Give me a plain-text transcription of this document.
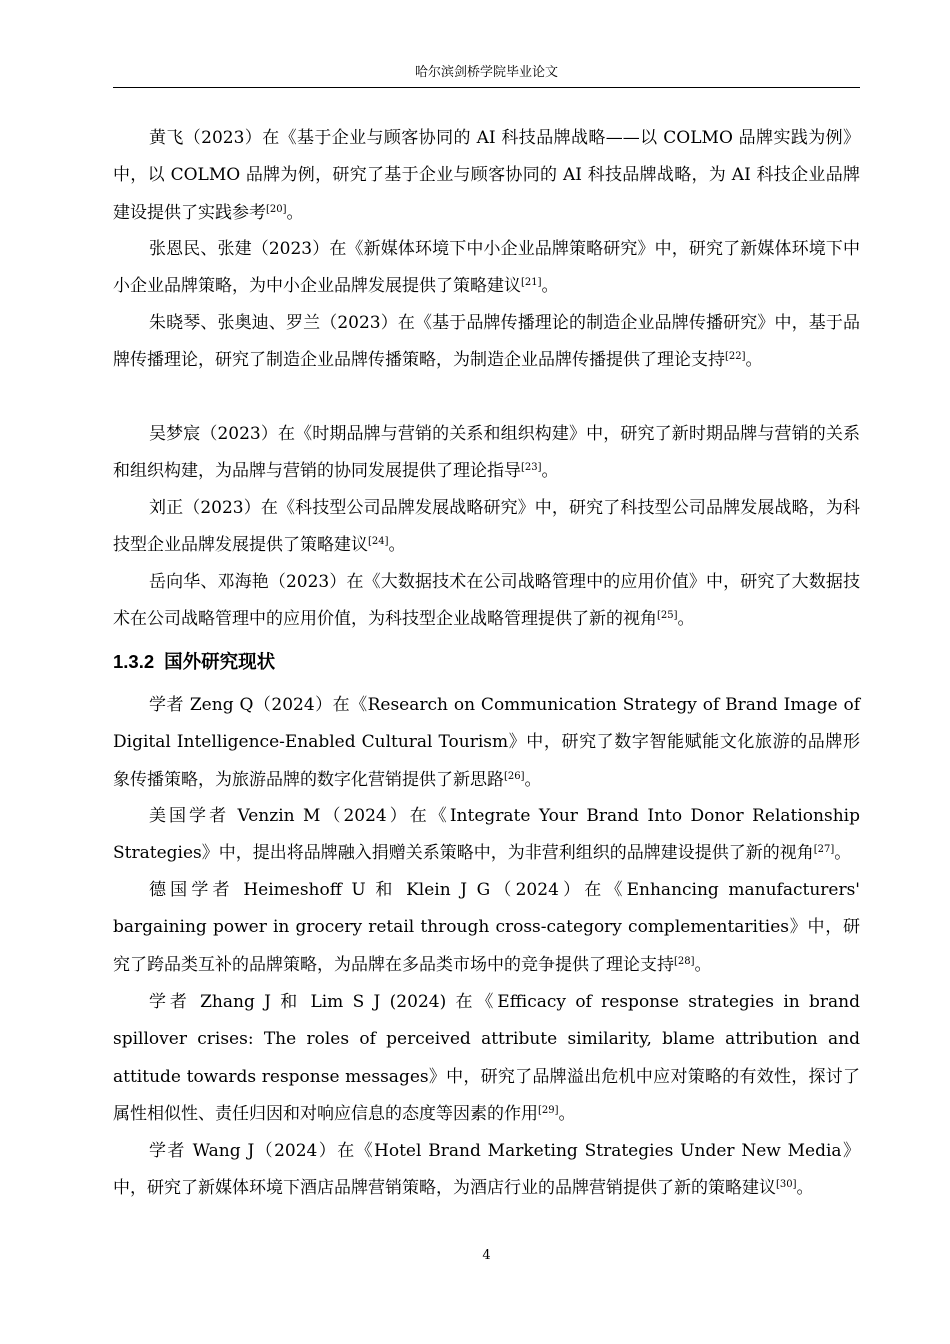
哈尔滨剑桥学院毕业论文

黄飞（2023）在《基于企业与顾客协同的 AI 科技品牌战略——以 COLMO 品牌实践为例》中，以 COLMO 品牌为例，研究了基于企业与顾客协同的 AI 科技品牌战略，为 AI 科技企业品牌建设提供了实践参考[20]。

张恩民、张建（2023）在《新媒体环境下中小企业品牌策略研究》中，研究了新媒体环境下中小企业品牌策略，为中小企业品牌发展提供了策略建议[21]。

朱晓琴、张奥迪、罗兰（2023）在《基于品牌传播理论的制造企业品牌传播研究》中，基于品牌传播理论，研究了制造企业品牌传播策略，为制造企业品牌传播提供了理论支持[22]。

吴梦宸（2023）在《时期品牌与营销的关系和组织构建》中，研究了新时期品牌与营销的关系和组织构建，为品牌与营销的协同发展提供了理论指导[23]。

刘正（2023）在《科技型公司品牌发展战略研究》中，研究了科技型公司品牌发展战略，为科技型企业品牌发展提供了策略建议[24]。

岳向华、邓海艳（2023）在《大数据技术在公司战略管理中的应用价值》中，研究了大数据技术在公司战略管理中的应用价值，为科技型企业战略管理提供了新的视角[25]。

1.3.2 国外研究现状

学者 Zeng Q（2024）在《Research on Communication Strategy of Brand Image of Digital Intelligence-Enabled Cultural Tourism》中，研究了数字智能赋能文化旅游的品牌形象传播策略，为旅游品牌的数字化营销提供了新思路[26]。

美国学者 Venzin M（2024）在《Integrate Your Brand Into Donor Relationship Strategies》中，提出将品牌融入捐赠关系策略中，为非营利组织的品牌建设提供了新的视角[27]。

德国学者 Heimeshoff U 和 Klein J G（2024）在《Enhancing manufacturers' bargaining power in grocery retail through cross-category complementarities》中，研究了跨品类互补的品牌策略，为品牌在多品类市场中的竞争提供了理论支持[28]。

学者 Zhang J 和 Lim S J (2024) 在《Efficacy of response strategies in brand spillover crises: The roles of perceived attribute similarity, blame attribution and attitude towards response messages》中，研究了品牌溢出危机中应对策略的有效性，探讨了属性相似性、责任归因和对响应信息的态度等因素的作用[29]。

学者 Wang J（2024）在《Hotel Brand Marketing Strategies Under New Media》中，研究了新媒体环境下酒店品牌营销策略，为酒店行业的品牌营销提供了新的策略建议[30]。

4
